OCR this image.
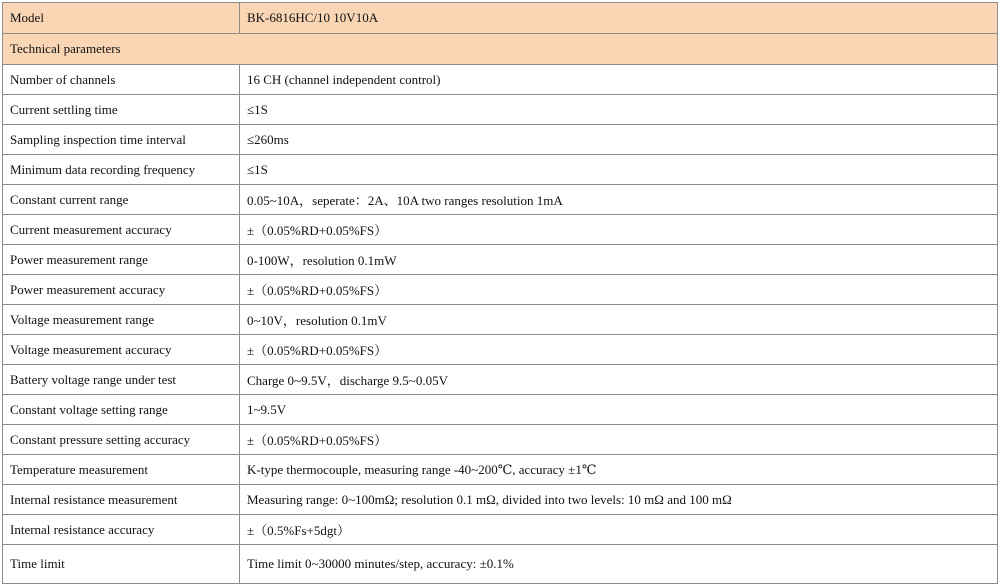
Model	BK-6816HC/10 10V10A
Technical parameters	
Number of channels	16 CH (channel independent control)
Current settling time	≤1S
Sampling inspection time interval	≤260ms
Minimum data recording frequency	≤1S
Constant current range	0.05~10A，seperate：2A、10A two ranges resolution 1mA
Current measurement accuracy	±（0.05%RD+0.05%FS）
Power measurement range	0-100W，resolution 0.1mW
Power measurement accuracy	±（0.05%RD+0.05%FS）
Voltage measurement range	0~10V，resolution 0.1mV
Voltage measurement accuracy	±（0.05%RD+0.05%FS）
Battery voltage range under test	Charge 0~9.5V，discharge 9.5~0.05V
Constant voltage setting range	1~9.5V
Constant pressure setting accuracy	±（0.05%RD+0.05%FS）
Temperature measurement	K-type thermocouple, measuring range -40~200℃, accuracy ±1℃
Internal resistance measurement	Measuring range: 0~100mΩ; resolution 0.1 mΩ, divided into two levels: 10 mΩ and 100 mΩ
Internal resistance accuracy	±（0.5%Fs+5dgt）
Time limit	Time limit 0~30000 minutes/step, accuracy: ±0.1%
